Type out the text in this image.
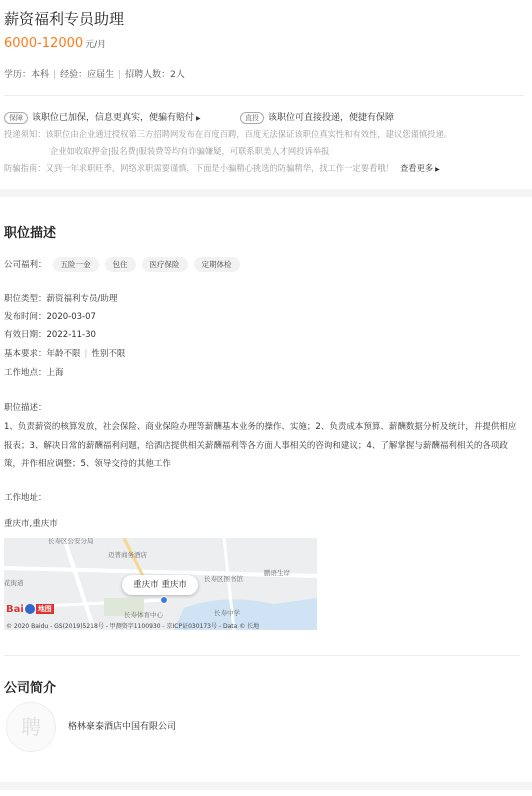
薪资福利专员助理
6000-12000 元/月
学历：本科 | 经验：应届生 | 招聘人数：2人
保障 该职位已加保，信息更真实，便骗有赔付 ▶	直投 该职位可直接投递，便捷有保障
投递须知：该职位由企业通过授权第三方招聘网发布在百度百聘，百度无法保证该职位真实性和有效性，建议您谨慎投递。
企业如收取押金|报名费|服装费等均有诈骗嫌疑，可联系职美人才网投诉举报
防骗指南：又到一年求职旺季，网络求职需要谨慎，下面是小骗精心挑选的防骗精华，找工作一定要看哦！ 查看更多 ▶
职位描述
公司福利： 五险一金	包住	医疗保险	定期体检
职位类型：薪资福利专员/助理
发布时间：2020-03-07
有效日期：2022-11-30
基本要求：年龄不限 | 性别不限
工作地点：上海
职位描述：
1、负责薪资的核算发放，社会保险、商业保险办理等薪酬基本业务的操作、实施；2、负责成本预算、薪酬数据分析及统计，并提供相应报表；3、解决日常的薪酬福利问题，给酒店提供相关薪酬福利等各方面人事相关的咨询和建议；4、了解掌握与薪酬福利相关的各项政策，并作相应调整；5、领导交待的其他工作
工作地址：
重庆市,重庆市
长寿区公安分局
迈普商务酒店
花街道	长寿区图书馆
鹏语生岸
长寿体育中心	长寿中学
重庆市 重庆市
Bai 地图
© 2020 Baidu - GS(2019)5218号 - 甲测资字1100930 - 京ICP证030173号 - Data © 长地
公司简介
聘	格林豪泰酒店中国有限公司
